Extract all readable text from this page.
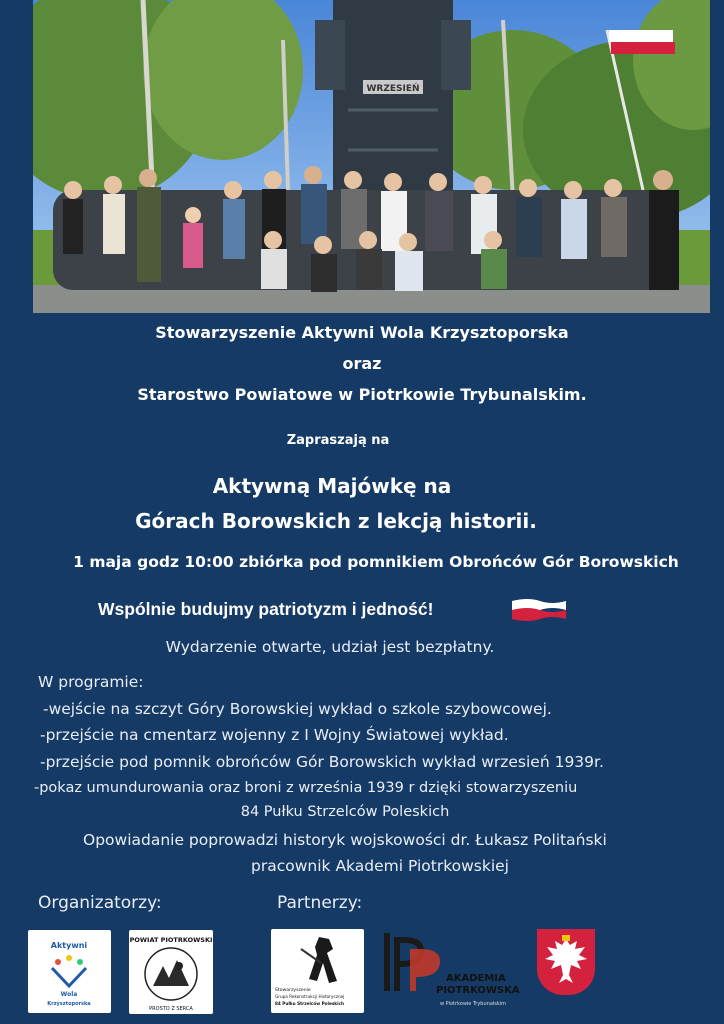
WRZESIEŃ
Stowarzyszenie Aktywni Wola Krzysztoporska
oraz
Starostwo Powiatowe w Piotrkowie Trybunalskim.
Zapraszają na
Aktywną Majówkę na
Górach Borowskich z lekcją historii.
1 maja godz 10:00 zbiórka pod pomnikiem Obrońców Gór Borowskich
Wspólnie budujmy patriotyzm i jedność!
Wydarzenie otwarte, udział jest bezpłatny.
W programie:
-wejście na szczyt Góry Borowskiej wykład o szkole szybowcowej.
-przejście na cmentarz wojenny z I Wojny Światowej wykład.
-przejście pod pomnik obrońców Gór Borowskich wykład wrzesień 1939r.
-pokaz umundurowania oraz broni z września 1939 r dzięki stowarzyszeniu
84 Pułku Strzelców Poleskich
Opowiadanie poprowadzi historyk wojskowości dr. Łukasz Politański
pracownik Akademi Piotrkowskiej
Organizatorzy:	Partnerzy:
Aktywni
Wola
Krzysztoporska
POWIAT PIOTRKOWSKI
PROSTO Z SERCA
Stowarzyszenie
Grupa Rekonstrukcji Historycznej
84 Pułku Strzelców Poleskich
AKADEMIA
PIOTRKOWSKA
w Piotrkowie Trybunalskim
